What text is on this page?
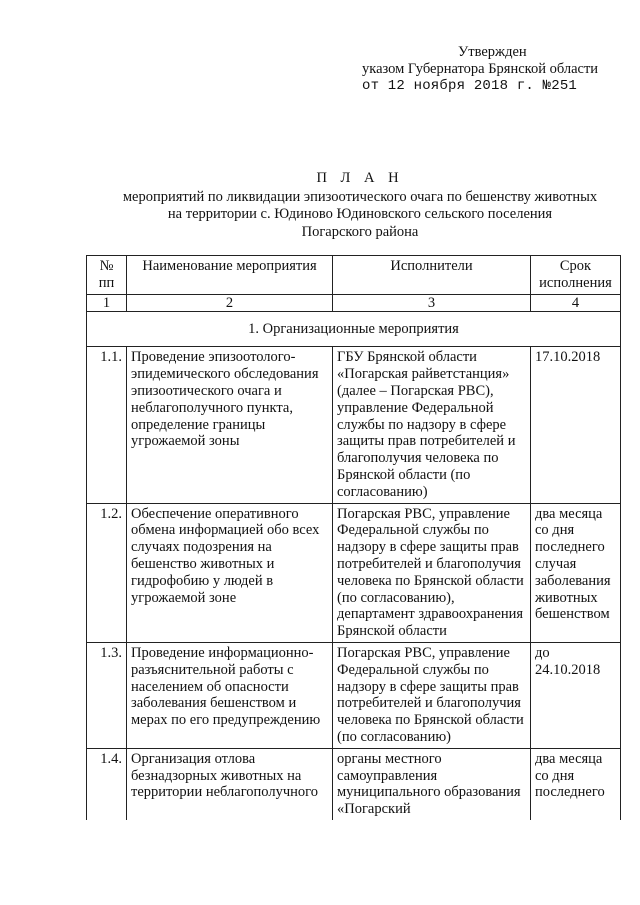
Утвержден
указом Губернатора Брянской области
от 12 ноября 2018 г. №251
П Л А Н
мероприятий по ликвидации эпизоотического очага по бешенству животных
на территории с. Юдиново Юдиновского сельского поселения
Погарского района
№ пп	Наименование мероприятия	Исполнители	Срок исполнения
1	2	3	4
1. Организационные мероприятия			
1.1.	Проведение эпизоотолого-эпидемического обследования эпизоотического очага и неблагополучного пункта, определение границы угрожаемой зоны	ГБУ Брянской области «Погарская райветстанция» (далее – Погарская РВС), управление Федеральной службы по надзору в сфере защиты прав потребителей и благополучия человека по Брянской области (по согласованию)	17.10.2018
1.2.	Обеспечение оперативного обмена информацией обо всех случаях подозрения на бешенство животных и гидрофобию у людей в угрожаемой зоне	Погарская РВС, управление Федеральной службы по надзору в сфере защиты прав потребителей и благополучия человека по Брянской области (по согласованию), департамент здравоохранения Брянской области	два месяца со дня последнего случая заболевания животных бешенством
1.3.	Проведение информационно-разъяснительной работы с населением об опасности заболевания бешенством и мерах по его предупреждению	Погарская РВС, управление Федеральной службы по надзору в сфере защиты прав потребителей и благополучия человека по Брянской области (по согласованию)	до 24.10.2018
1.4.	Организация отлова безнадзорных животных на территории неблагополучного	органы местного самоуправления муниципального образования «Погарский	два месяца со дня последнего
